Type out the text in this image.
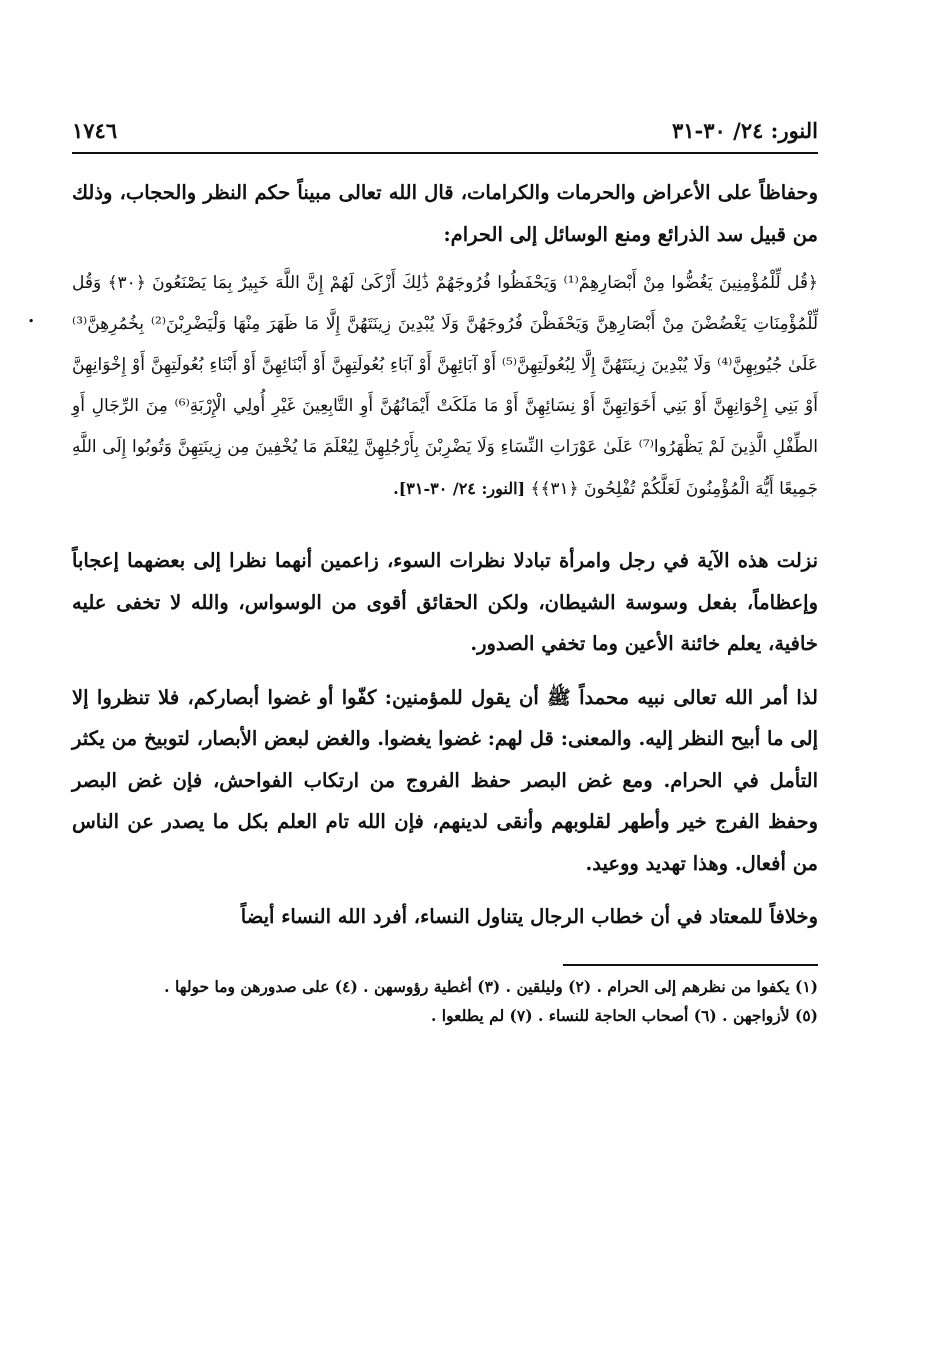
.
النور: ٢٤/ ٣٠-٣١
١٧٤٦

وحفاظاً على الأعراض والحرمات والكرامات، قال الله تعالى مبيناً حكم النظر والحجاب، وذلك من قبيل سد الذرائع ومنع الوسائل إلى الحرام:

﴿قُل لِّلْمُؤْمِنِينَ يَغُضُّوا مِنْ أَبْصَارِهِمْ⁽¹⁾ وَيَحْفَظُوا فُرُوجَهُمْ ذَٰلِكَ أَزْكَىٰ لَهُمْ إِنَّ اللَّهَ خَبِيرٌ بِمَا يَصْنَعُونَ ﴿٣٠﴾ وَقُل لِّلْمُؤْمِنَاتِ يَغْضُضْنَ مِنْ أَبْصَارِهِنَّ وَيَحْفَظْنَ فُرُوجَهُنَّ وَلَا يُبْدِينَ زِينَتَهُنَّ إِلَّا مَا ظَهَرَ مِنْهَا وَلْيَضْرِبْنَ⁽²⁾ بِخُمُرِهِنَّ⁽³⁾ عَلَىٰ جُيُوبِهِنَّ⁽⁴⁾ وَلَا يُبْدِينَ زِينَتَهُنَّ إِلَّا لِبُعُولَتِهِنَّ⁽⁵⁾ أَوْ آبَائِهِنَّ أَوْ آبَاءِ بُعُولَتِهِنَّ أَوْ أَبْنَائِهِنَّ أَوْ أَبْنَاءِ بُعُولَتِهِنَّ أَوْ إِخْوَانِهِنَّ أَوْ بَنِي إِخْوَانِهِنَّ أَوْ بَنِي أَخَوَاتِهِنَّ أَوْ نِسَائِهِنَّ أَوْ مَا مَلَكَتْ أَيْمَانُهُنَّ أَوِ التَّابِعِينَ غَيْرِ أُولِي الْإِرْبَةِ⁽⁶⁾ مِنَ الرِّجَالِ أَوِ الطِّفْلِ الَّذِينَ لَمْ يَظْهَرُوا⁽⁷⁾ عَلَىٰ عَوْرَاتِ النِّسَاءِ وَلَا يَضْرِبْنَ بِأَرْجُلِهِنَّ لِيُعْلَمَ مَا يُخْفِينَ مِن زِينَتِهِنَّ وَتُوبُوا إِلَى اللَّهِ جَمِيعًا أَيُّهَ الْمُؤْمِنُونَ لَعَلَّكُمْ تُفْلِحُونَ ﴿٣١﴾﴾ [النور: ٢٤/ ٣٠-٣١].

نزلت هذه الآية في رجل وامرأة تبادلا نظرات السوء، زاعمين أنهما نظرا إلى بعضهما إعجاباً وإعظاماً، بفعل وسوسة الشيطان، ولكن الحقائق أقوى من الوسواس، والله لا تخفى عليه خافية، يعلم خائنة الأعين وما تخفي الصدور.

لذا أمر الله تعالى نبيه محمداً ﷺ أن يقول للمؤمنين: كفّوا أو غضوا أبصاركم، فلا تنظروا إلا إلى ما أبيح النظر إليه. والمعنى: قل لهم: غضوا يغضوا. والغض لبعض الأبصار، لتوبيخ من يكثر التأمل في الحرام. ومع غض البصر حفظ الفروج من ارتكاب الفواحش، فإن غض البصر وحفظ الفرج خير وأطهر لقلوبهم وأنقى لدينهم، فإن الله تام العلم بكل ما يصدر عن الناس من أفعال. وهذا تهديد ووعيد.

وخلافاً للمعتاد في أن خطاب الرجال يتناول النساء، أفرد الله النساء أيضاً

(١) يكفوا من نظرهم إلى الحرام . (٢) وليلقين . (٣) أغطية رؤوسهن . (٤) على صدورهن وما حولها .

(٥) لأزواجهن . (٦) أصحاب الحاجة للنساء . (٧) لم يطلعوا .
